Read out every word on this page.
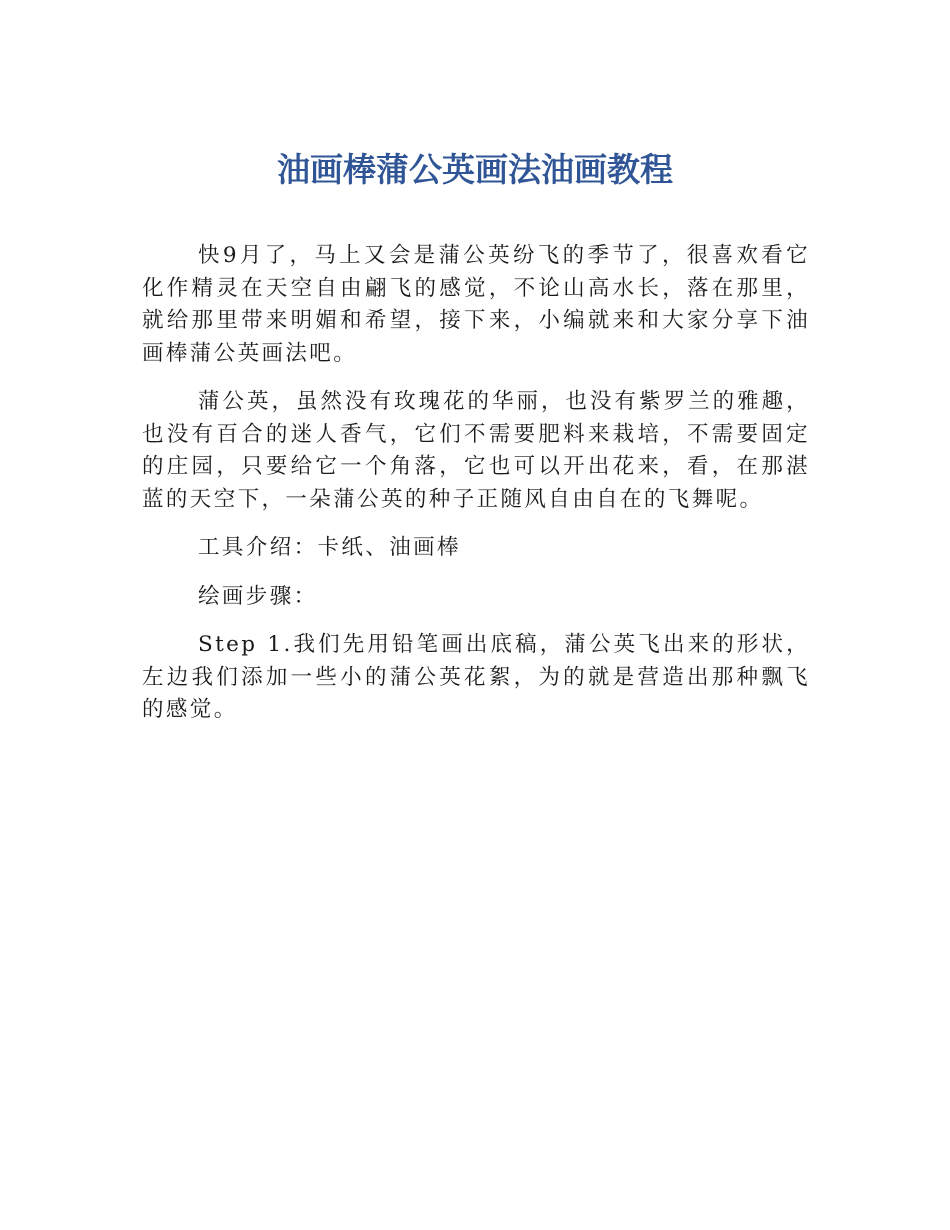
油画棒蒲公英画法油画教程

快9月了，马上又会是蒲公英纷飞的季节了，很喜欢看它化作精灵在天空自由翩飞的感觉，不论山高水长，落在那里，就给那里带来明媚和希望，接下来，小编就来和大家分享下油画棒蒲公英画法吧。

蒲公英，虽然没有玫瑰花的华丽，也没有紫罗兰的雅趣，也没有百合的迷人香气，它们不需要肥料来栽培，不需要固定的庄园，只要给它一个角落，它也可以开出花来，看，在那湛蓝的天空下，一朵蒲公英的种子正随风自由自在的飞舞呢。

工具介绍：卡纸、油画棒

绘画步骤：

Step 1.我们先用铅笔画出底稿，蒲公英飞出来的形状，左边我们添加一些小的蒲公英花絮，为的就是营造出那种飘飞的感觉。
